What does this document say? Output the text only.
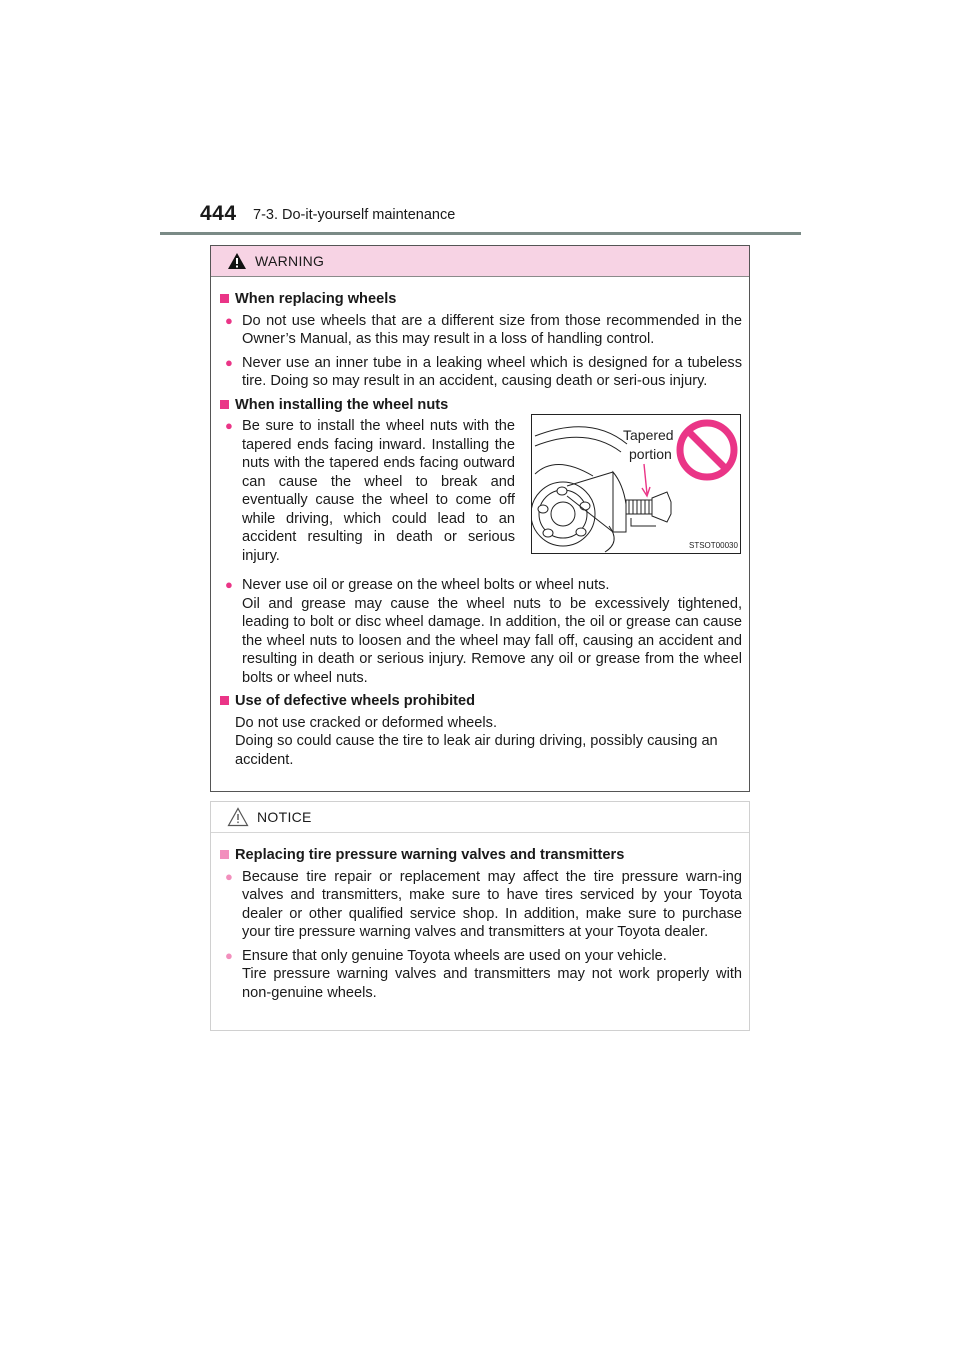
444 7-3. Do-it-yourself maintenance
WARNING
When replacing wheels
● Do not use wheels that are a different size from those recommended in the Owner’s Manual, as this may result in a loss of handling control.
● Never use an inner tube in a leaking wheel which is designed for a tubeless tire. Doing so may result in an accident, causing death or seri-ous injury.
When installing the wheel nuts
● Be sure to install the wheel nuts with the tapered ends facing inward. Installing the nuts with the tapered ends facing outward can cause the wheel to break and eventually cause the wheel to come off while driving, which could lead to an accident resulting in death or serious injury.
Tapered
portion
STSOT00030
● Never use oil or grease on the wheel bolts or wheel nuts.
Oil and grease may cause the wheel nuts to be excessively tightened, leading to bolt or disc wheel damage. In addition, the oil or grease can cause the wheel nuts to loosen and the wheel may fall off, causing an accident and resulting in death or serious injury. Remove any oil or grease from the wheel bolts or wheel nuts.
Use of defective wheels prohibited
Do not use cracked or deformed wheels.
Doing so could cause the tire to leak air during driving, possibly causing an accident.
NOTICE
Replacing tire pressure warning valves and transmitters
● Because tire repair or replacement may affect the tire pressure warn-ing valves and transmitters, make sure to have tires serviced by your Toyota dealer or other qualified service shop. In addition, make sure to purchase your tire pressure warning valves and transmitters at your Toyota dealer.
● Ensure that only genuine Toyota wheels are used on your vehicle.
Tire pressure warning valves and transmitters may not work properly with non-genuine wheels.
